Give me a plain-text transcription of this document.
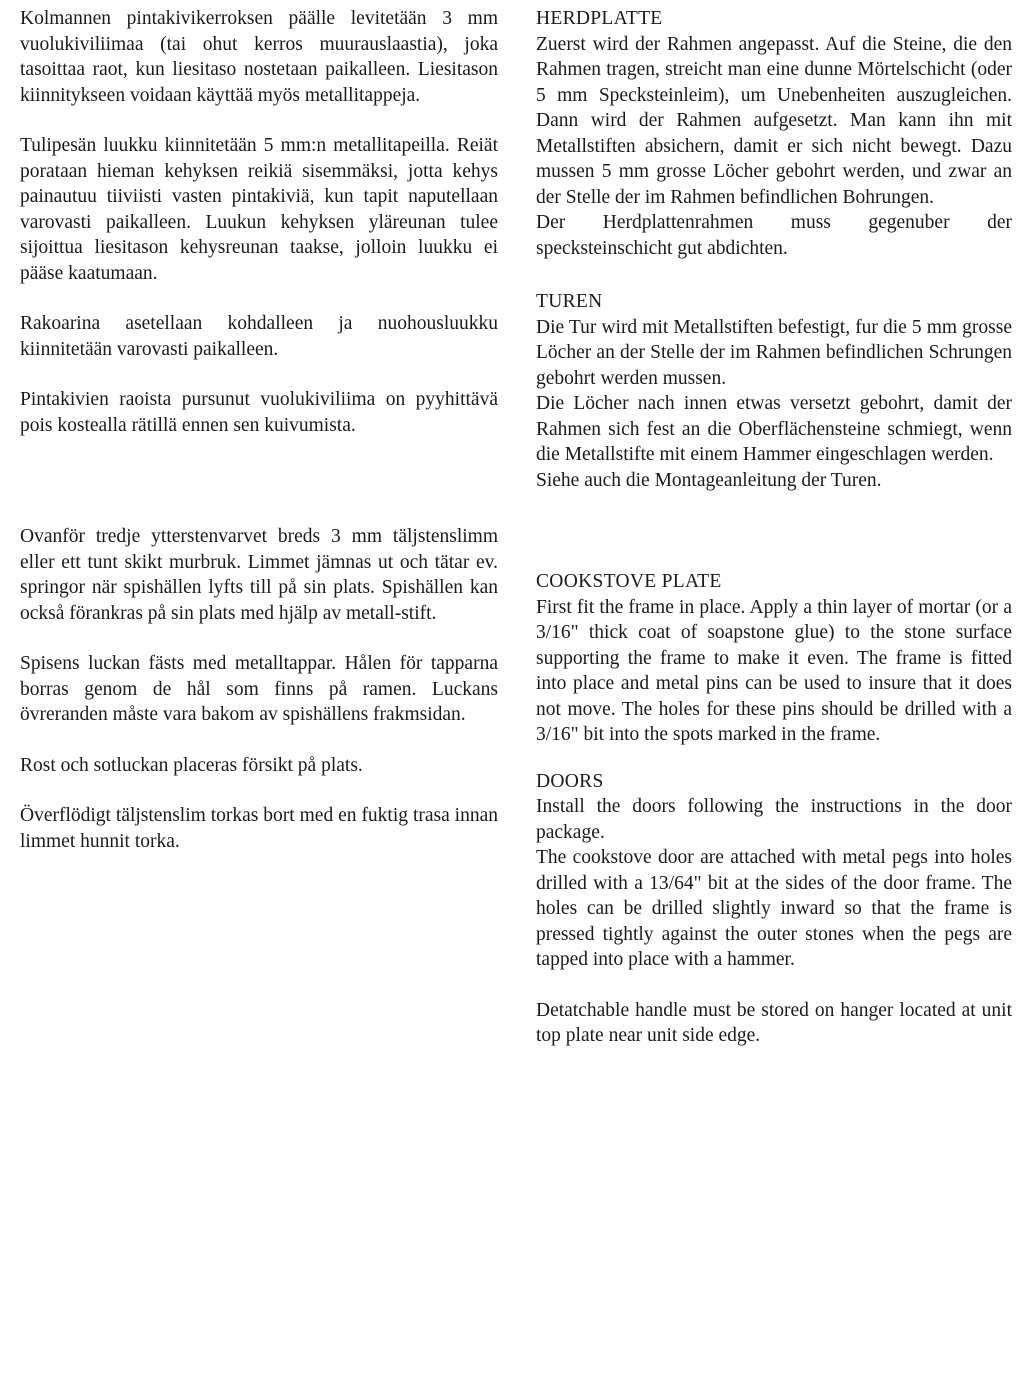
Kolmannen pintakivikerroksen päälle levitetään 3 mm vuolukiviliimaa (tai ohut kerros muurauslaastia), joka tasoittaa raot, kun liesitaso nostetaan paikalleen. Liesitason kiinnitykseen voidaan käyttää myös metallitappeja.

Tulipesän luukku kiinnitetään 5 mm:n metallitapeilla. Reiät porataan hieman kehyksen reikiä sisemmäksi, jotta kehys painautuu tiiviisti vasten pintakiviä, kun tapit naputellaan varovasti paikalleen. Luukun kehyksen yläreunan tulee sijoittua liesitason kehysreunan taakse, jolloin luukku ei pääse kaatumaan.

Rakoarina asetellaan kohdalleen ja nuohousluukku kiinnitetään varovasti paikalleen.

Pintakivien raoista pursunut vuolukiviliima on pyyhittävä pois kostealla rätillä ennen sen kuivumista.

Ovanför tredje ytterstenvarvet breds 3 mm täljstenslimm eller ett tunt skikt murbruk. Limmet jämnas ut och tätar ev. springor när spishällen lyfts till på sin plats. Spishällen kan också förankras på sin plats med hjälp av metall-stift.

Spisens luckan fästs med metalltappar. Hålen för tapparna borras genom de hål som finns på ramen. Luckans övreranden måste vara bakom av spishällens frakmsidan.

Rost och sotluckan placeras försikt på plats.

Överflödigt täljstenslim torkas bort med en fuktig trasa innan limmet hunnit torka.

HERDPLATTE

Zuerst wird der Rahmen angepasst. Auf die Steine, die den Rahmen tragen, streicht man eine dunne Mörtelschicht (oder 5 mm Specksteinleim), um Unebenheiten auszugleichen. Dann wird der Rahmen aufgesetzt. Man kann ihn mit Metallstiften absichern, damit er sich nicht bewegt. Dazu mussen 5 mm grosse Löcher gebohrt werden, und zwar an der Stelle der im Rahmen befindlichen Bohrungen.

Der Herdplattenrahmen muss gegenuber der specksteinschicht gut abdichten.

TUREN

Die Tur wird mit Metallstiften befestigt, fur die 5 mm grosse Löcher an der Stelle der im Rahmen befindlichen Schrungen gebohrt werden mussen.

Die Löcher nach innen etwas versetzt gebohrt, damit der Rahmen sich fest an die Oberflächensteine schmiegt, wenn die Metallstifte mit einem Hammer eingeschlagen werden.

Siehe auch die Montageanleitung der Turen.

COOKSTOVE PLATE

First fit the frame in place. Apply a thin layer of mortar (or a 3/16" thick coat of soapstone glue) to the stone surface supporting the frame to make it even. The frame is fitted into place and metal pins can be used to insure that it does not move. The holes for these pins should be drilled with a 3/16" bit into the spots marked in the frame.

DOORS

Install the doors following the instructions in the door package.

The cookstove door are attached with metal pegs into holes drilled with a 13/64" bit at the sides of the door frame. The holes can be drilled slightly inward so that the frame is pressed tightly against the outer stones when the pegs are tapped into place with a hammer.

Detatchable handle must be stored on hanger located at unit top plate near unit side edge.
